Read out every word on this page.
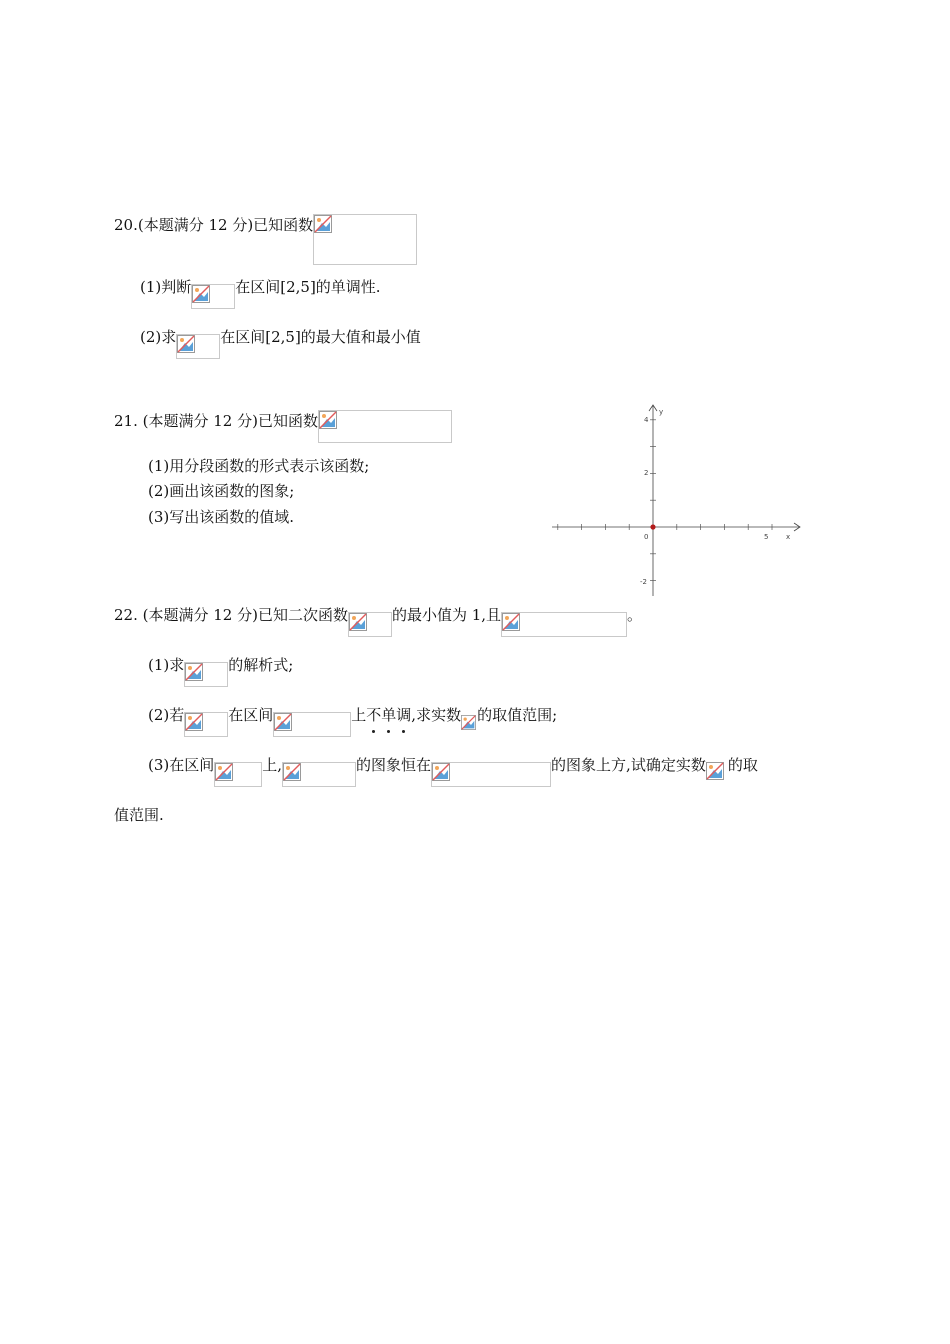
20.(本题满分 12 分)已知函数
(1)判断	在区间[2,5]的单调性.
(2)求	在区间[2,5]的最大值和最小值
21. (本题满分 12 分)已知函数
(1)用分段函数的形式表示该函数;
(2)画出该函数的图象;
(3)写出该函数的值域.
x
y
0	5
4
2
-2
22. (本题满分 12 分)已知二次函数	的最小值为 1,且	。
(1)求	的解析式;
(2)若	在区间	上不单调
,求实数 的取值范围;
(3)在区间	上,	的图象恒在	的图象上方,试确定实数 的取
值范围.
